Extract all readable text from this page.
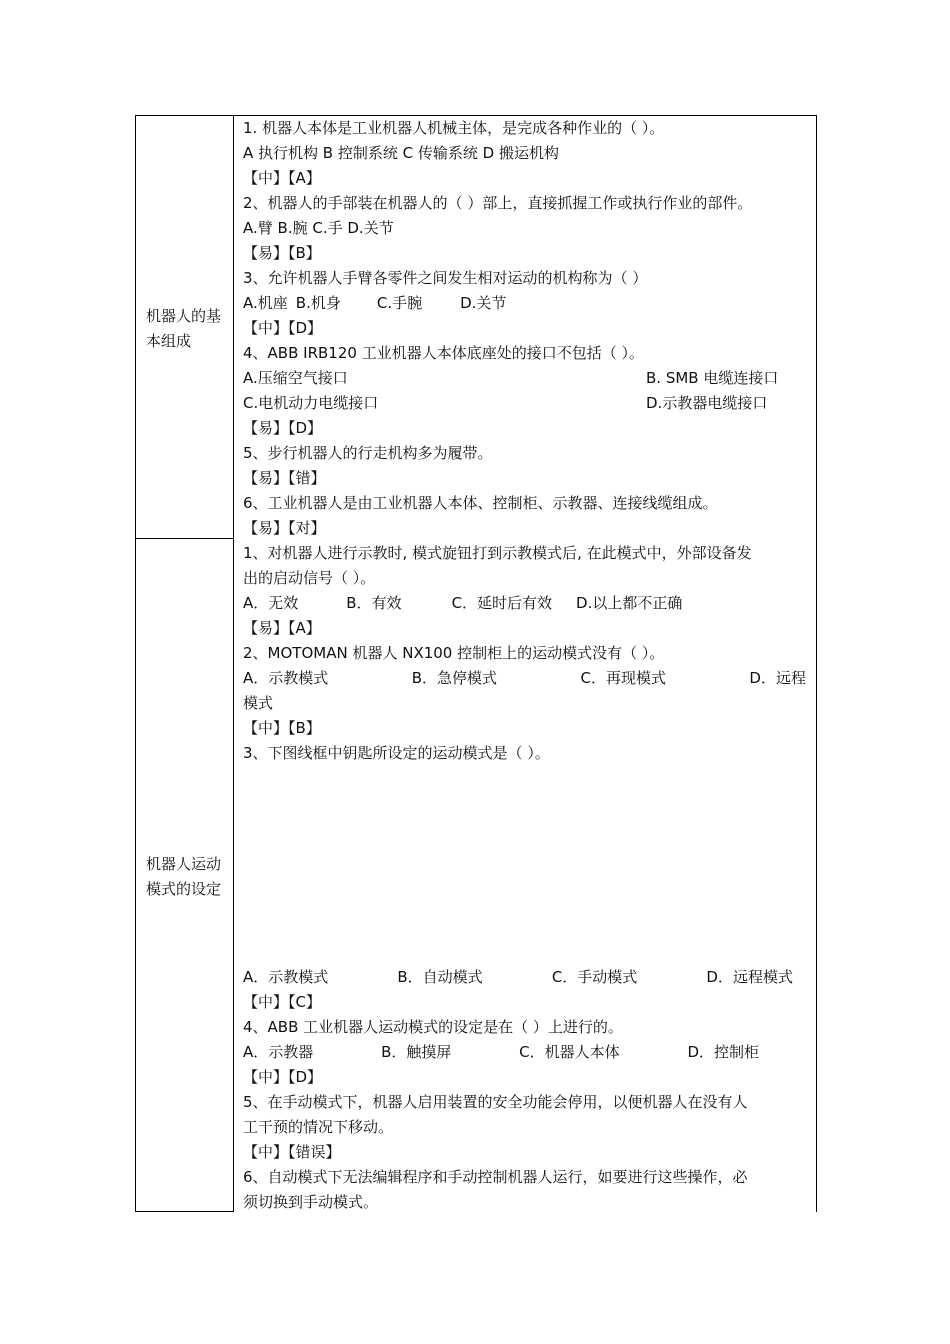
机器人的基本组成
1. 机器人本体是工业机器人机械主体，是完成各种作业的（ ）。
A 执行机构 B 控制系统 C 传输系统 D 搬运机构
【中】【A】
2、机器人的手部装在机器人的（ ）部上，直接抓握工作或执行作业的部件。
A.臂 B.腕 C.手 D.关节
【易】【B】
3、允许机器人手臂各零件之间发生相对运动的机构称为（ ）
A.机座 B.机身 C.手腕	D.关节
【中】【D】
4、ABB IRB120 工业机器人本体底座处的接口不包括（ ）。
A.压缩空气接口	B. SMB 电缆连接口
C.电机动力电缆接口	D.示教器电缆接口
【易】【D】
5、步行机器人的行走机构多为履带。
【易】【错】
6、工业机器人是由工业机器人本体、控制柜、示教器、连接线缆组成。
【易】【对】
机器人运动模式的设定
1、对机器人进行示教时, 模式旋钮打到示教模式后, 在此模式中，外部设备发
出的启动信号（ ）。
A．无效	B．有效	C．延时后有效 D.以上都不正确
【易】【A】
2、MOTOMAN 机器人 NX100 控制柜上的运动模式没有（ ）。
A．示教模式	B．急停模式	C．再现模式	D．远程
模式
【中】【B】
3、下图线框中钥匙所设定的运动模式是（ ）。
A．示教模式	B．自动模式	C．手动模式	D．远程模式
【中】【C】
4、ABB 工业机器人运动模式的设定是在（ ）上进行的。
A．示教器	B．触摸屏	C．机器人本体	D．控制柜
【中】【D】
5、在手动模式下，机器人启用装置的安全功能会停用，以便机器人在没有人
工干预的情况下移动。
【中】【错误】
6、自动模式下无法编辑程序和手动控制机器人运行，如要进行这些操作，必
须切换到手动模式。
